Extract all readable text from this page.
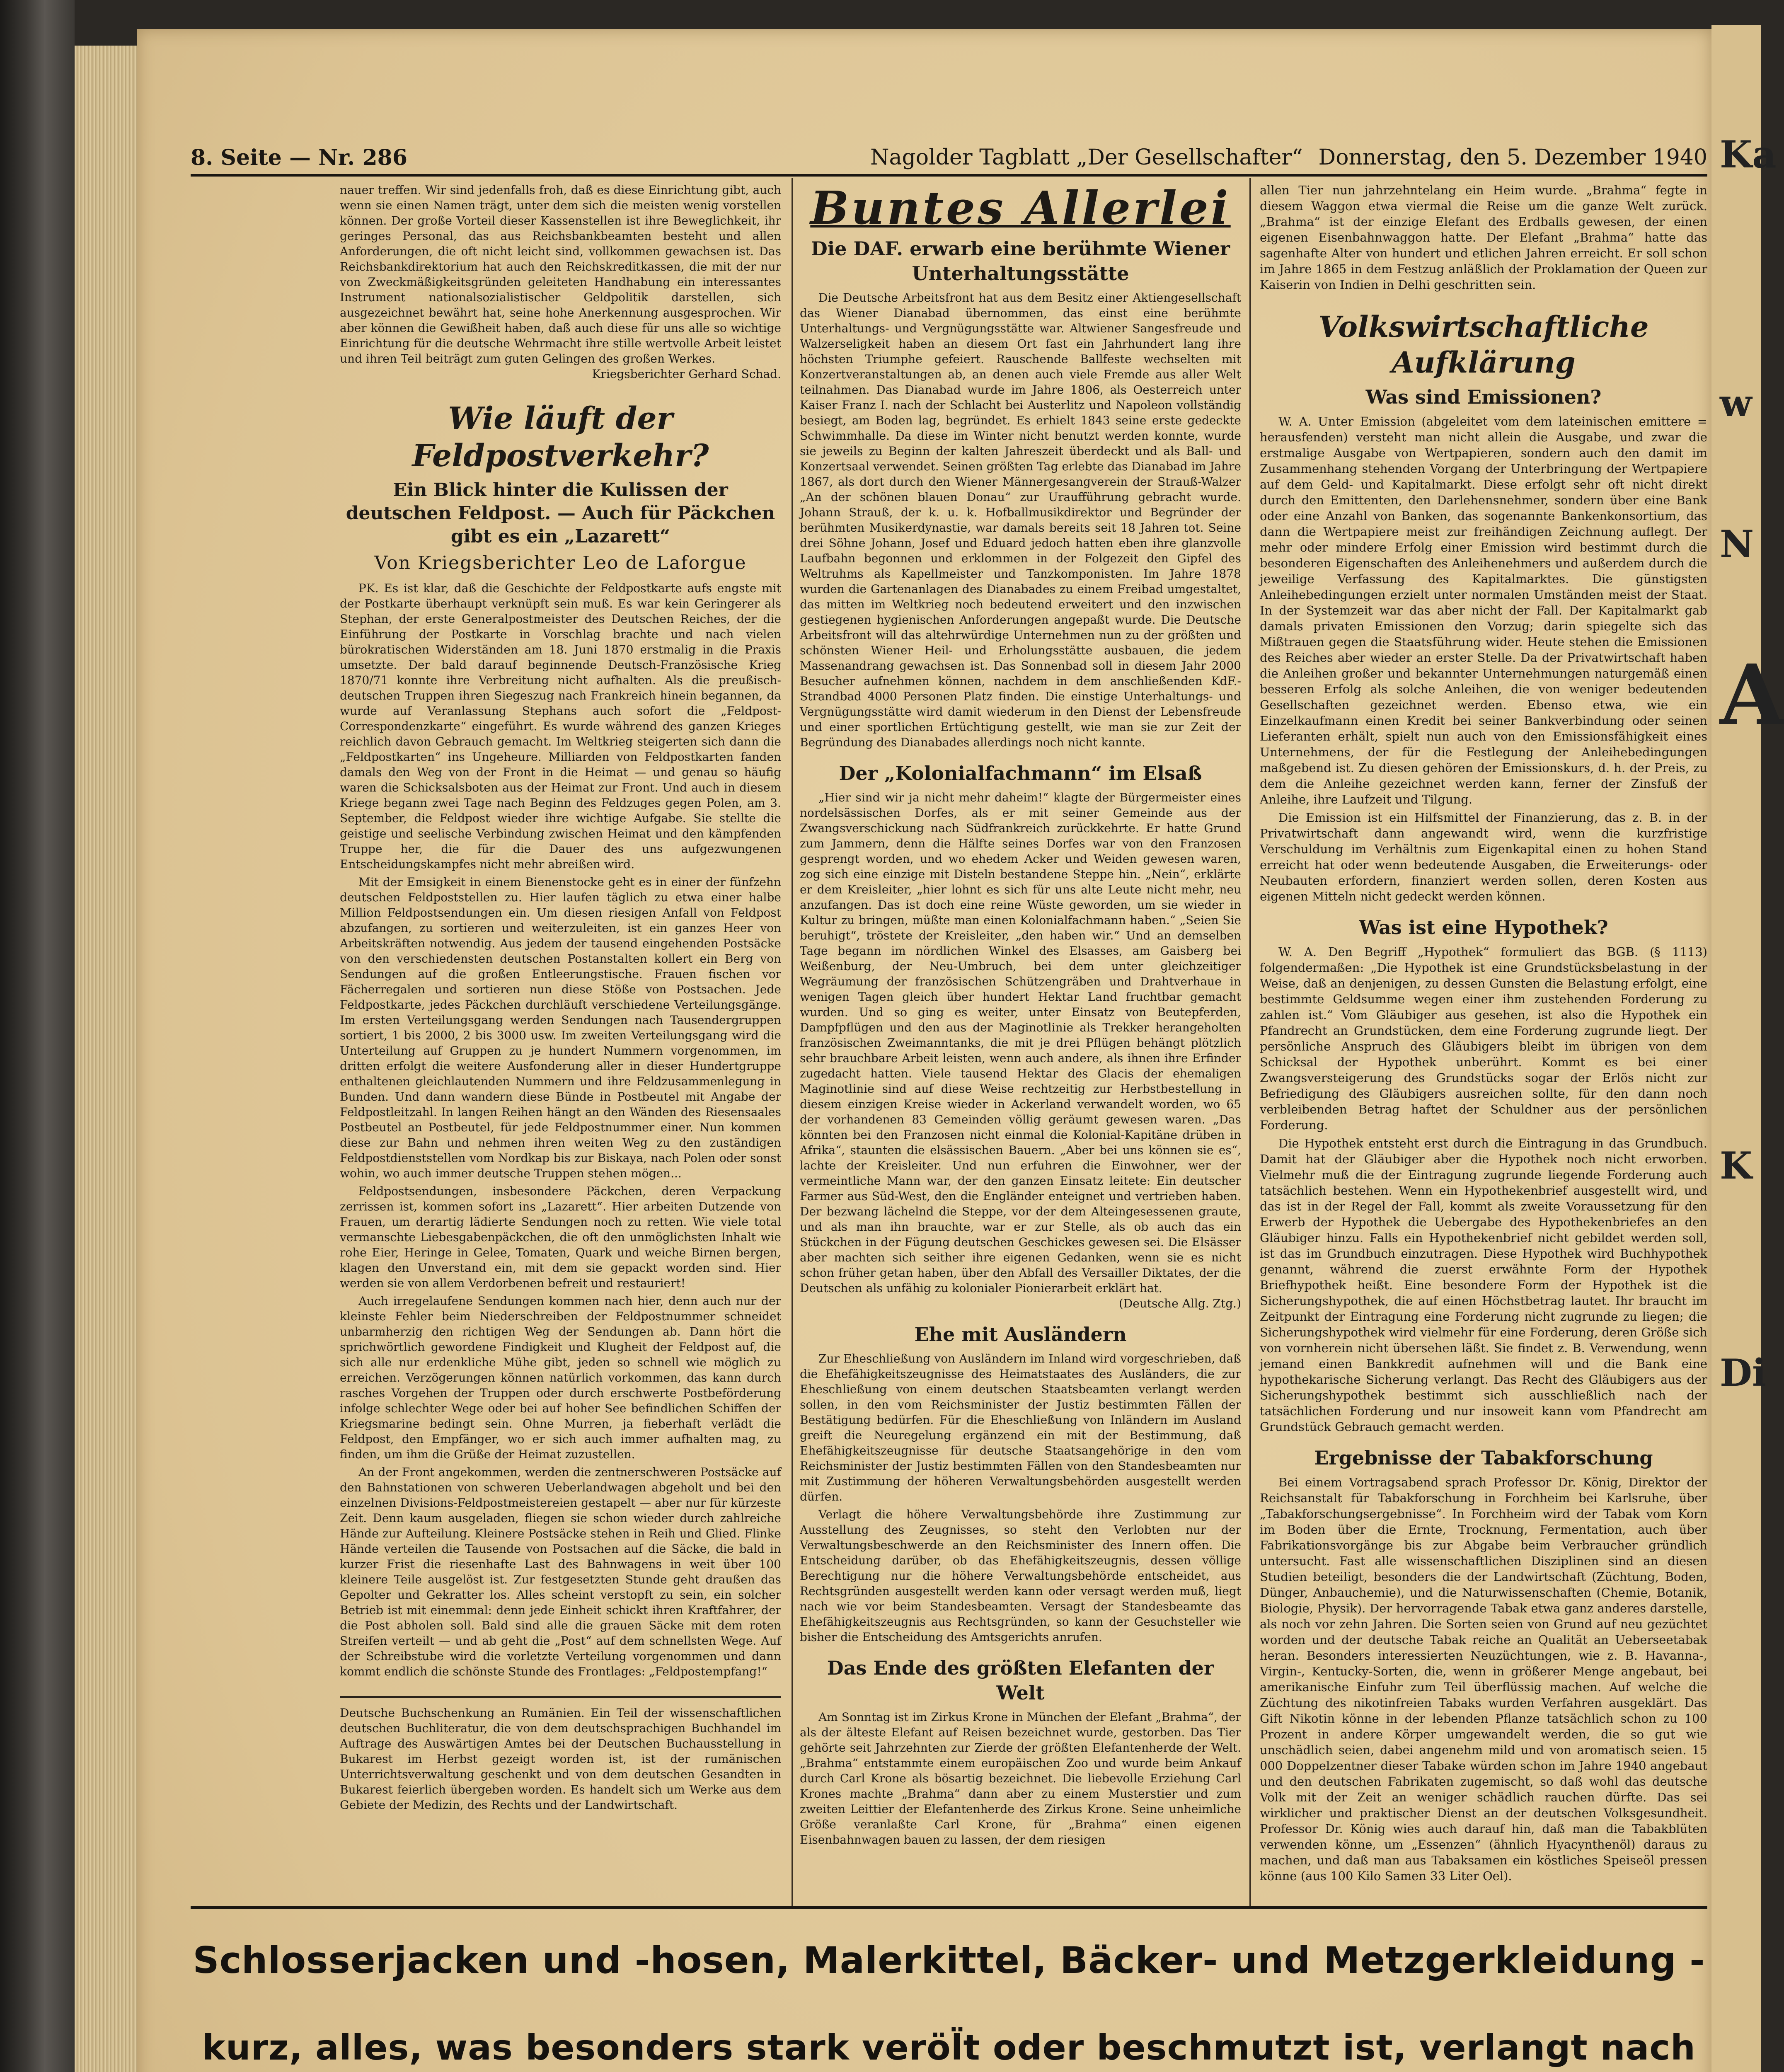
Ka
w
N
A
K
Di
8. Seite — Nr. 286	Nagolder Tagblatt „Der Gesellschafter“ Donnerstag, den 5. Dezember 1940

nauer treffen. Wir sind jedenfalls froh, daß es diese Einrichtung gibt, auch wenn sie einen Namen trägt, unter dem sich die meisten wenig vorstellen können. Der große Vorteil dieser Kassenstellen ist ihre Beweglichkeit, ihr geringes Personal, das aus Reichsbankbeamten besteht und allen Anforderungen, die oft nicht leicht sind, vollkommen gewachsen ist. Das Reichsbankdirektorium hat auch den Reichskreditkassen, die mit der nur von Zweckmäßigkeitsgründen geleiteten Handhabung ein interessantes Instrument nationalsozialistischer Geldpolitik darstellen, sich ausgezeichnet bewährt hat, seine hohe Anerkennung ausgesprochen. Wir aber können die Gewißheit haben, daß auch diese für uns alle so wichtige Einrichtung für die deutsche Wehrmacht ihre stille wertvolle Arbeit leistet und ihren Teil beiträgt zum guten Gelingen des großen Werkes.

Kriegsberichter Gerhard Schad.

Wie läuft der Feldpostverkehr?
Ein Blick hinter die Kulissen der deutschen Feldpost. — Auch für Päckchen gibt es ein „Lazarett“
Von Kriegsberichter Leo de Laforgue

PK. Es ist klar, daß die Geschichte der Feldpostkarte aufs engste mit der Postkarte überhaupt verknüpft sein muß. Es war kein Geringerer als Stephan, der erste Generalpostmeister des Deutschen Reiches, der die Einführung der Postkarte in Vorschlag brachte und nach vielen bürokratischen Widerständen am 18. Juni 1870 erstmalig in die Praxis umsetzte. Der bald darauf beginnende Deutsch-Französische Krieg 1870/71 konnte ihre Verbreitung nicht aufhalten. Als die preußisch-deutschen Truppen ihren Siegeszug nach Frankreich hinein begannen, da wurde auf Veranlassung Stephans auch sofort die „Feldpost-Correspondenzkarte“ eingeführt. Es wurde während des ganzen Krieges reichlich davon Gebrauch gemacht. Im Weltkrieg steigerten sich dann die „Feldpostkarten“ ins Ungeheure. Milliarden von Feldpostkarten fanden damals den Weg von der Front in die Heimat — und genau so häufig waren die Schicksalsboten aus der Heimat zur Front. Und auch in diesem Kriege begann zwei Tage nach Beginn des Feldzuges gegen Polen, am 3. September, die Feldpost wieder ihre wichtige Aufgabe. Sie stellte die geistige und seelische Verbindung zwischen Heimat und den kämpfenden Truppe her, die für die Dauer des uns aufgezwungenen Entscheidungskampfes nicht mehr abreißen wird.

Mit der Emsigkeit in einem Bienenstocke geht es in einer der fünfzehn deutschen Feldpoststellen zu. Hier laufen täglich zu etwa einer halbe Million Feldpostsendungen ein. Um diesen riesigen Anfall von Feldpost abzufangen, zu sortieren und weiterzuleiten, ist ein ganzes Heer von Arbeitskräften notwendig. Aus jedem der tausend eingehenden Postsäcke von den verschiedensten deutschen Postanstalten kollert ein Berg von Sendungen auf die großen Entleerungstische. Frauen fischen vor Fächerregalen und sortieren nun diese Stöße von Postsachen. Jede Feldpostkarte, jedes Päckchen durchläuft verschiedene Verteilungsgänge. Im ersten Verteilungsgang werden Sendungen nach Tausendergruppen sortiert, 1 bis 2000, 2 bis 3000 usw. Im zweiten Verteilungsgang wird die Unterteilung auf Gruppen zu je hundert Nummern vorgenommen, im dritten erfolgt die weitere Ausfonderung aller in dieser Hundertgruppe enthaltenen gleichlautenden Nummern und ihre Feldzusammenlegung in Bunden. Und dann wandern diese Bünde in Postbeutel mit Angabe der Feldpostleitzahl. In langen Reihen hängt an den Wänden des Riesensaales Postbeutel an Postbeutel, für jede Feldpostnummer einer. Nun kommen diese zur Bahn und nehmen ihren weiten Weg zu den zuständigen Feldpostdienststellen vom Nordkap bis zur Biskaya, nach Polen oder sonst wohin, wo auch immer deutsche Truppen stehen mögen...

Feldpostsendungen, insbesondere Päckchen, deren Verpackung zerrissen ist, kommen sofort ins „Lazarett“. Hier arbeiten Dutzende von Frauen, um derartig lädierte Sendungen noch zu retten. Wie viele total vermanschte Liebesgabenpäckchen, die oft den unmöglichsten Inhalt wie rohe Eier, Heringe in Gelee, Tomaten, Quark und weiche Birnen bergen, klagen den Unverstand ein, mit dem sie gepackt worden sind. Hier werden sie von allem Verdorbenen befreit und restauriert!

Auch irregelaufene Sendungen kommen nach hier, denn auch nur der kleinste Fehler beim Niederschreiben der Feldpostnummer schneidet unbarmherzig den richtigen Weg der Sendungen ab. Dann hört die sprichwörtlich gewordene Findigkeit und Klugheit der Feldpost auf, die sich alle nur erdenkliche Mühe gibt, jeden so schnell wie möglich zu erreichen. Verzögerungen können natürlich vorkommen, das kann durch rasches Vorgehen der Truppen oder durch erschwerte Postbeförderung infolge schlechter Wege oder bei auf hoher See befindlichen Schiffen der Kriegsmarine bedingt sein. Ohne Murren, ja fieberhaft verlädt die Feldpost, den Empfänger, wo er sich auch immer aufhalten mag, zu finden, um ihm die Grüße der Heimat zuzustellen.

An der Front angekommen, werden die zentnerschweren Postsäcke auf den Bahnstationen von schweren Ueberlandwagen abgeholt und bei den einzelnen Divisions-Feldpostmeistereien gestapelt — aber nur für kürzeste Zeit. Denn kaum ausgeladen, fliegen sie schon wieder durch zahlreiche Hände zur Aufteilung. Kleinere Postsäcke stehen in Reih und Glied. Flinke Hände verteilen die Tausende von Postsachen auf die Säcke, die bald in kurzer Frist die riesenhafte Last des Bahnwagens in weit über 100 kleinere Teile ausgelöst ist. Zur festgesetzten Stunde geht draußen das Gepolter und Gekratter los. Alles scheint verstopft zu sein, ein solcher Betrieb ist mit einemmal: denn jede Einheit schickt ihren Kraftfahrer, der die Post abholen soll. Bald sind alle die grauen Säcke mit dem roten Streifen verteilt — und ab geht die „Post“ auf dem schnellsten Wege. Auf der Schreibstube wird die vorletzte Verteilung vorgenommen und dann kommt endlich die schönste Stunde des Frontlages: „Feldpostempfang!“

Deutsche Buchschenkung an Rumänien. Ein Teil der wissenschaftlichen deutschen Buchliteratur, die von dem deutschsprachigen Buchhandel im Auftrage des Auswärtigen Amtes bei der Deutschen Buchausstellung in Bukarest im Herbst gezeigt worden ist, ist der rumänischen Unterrichtsverwaltung geschenkt und von dem deutschen Gesandten in Bukarest feierlich übergeben worden. Es handelt sich um Werke aus dem Gebiete der Medizin, des Rechts und der Landwirtschaft.

Buntes Allerlei
Die DAF. erwarb eine berühmte Wiener Unterhaltungsstätte

Die Deutsche Arbeitsfront hat aus dem Besitz einer Aktiengesellschaft das Wiener Dianabad übernommen, das einst eine berühmte Unterhaltungs- und Vergnügungsstätte war. Altwiener Sangesfreude und Walzerseligkeit haben an diesem Ort fast ein Jahrhundert lang ihre höchsten Triumphe gefeiert. Rauschende Ballfeste wechselten mit Konzertveranstaltungen ab, an denen auch viele Fremde aus aller Welt teilnahmen. Das Dianabad wurde im Jahre 1806, als Oesterreich unter Kaiser Franz I. nach der Schlacht bei Austerlitz und Napoleon vollständig besiegt, am Boden lag, begründet. Es erhielt 1843 seine erste gedeckte Schwimmhalle. Da diese im Winter nicht benutzt werden konnte, wurde sie jeweils zu Beginn der kalten Jahreszeit überdeckt und als Ball- und Konzertsaal verwendet. Seinen größten Tag erlebte das Dianabad im Jahre 1867, als dort durch den Wiener Männergesangverein der Strauß-Walzer „An der schönen blauen Donau“ zur Uraufführung gebracht wurde. Johann Strauß, der k. u. k. Hofballmusikdirektor und Begründer der berühmten Musikerdynastie, war damals bereits seit 18 Jahren tot. Seine drei Söhne Johann, Josef und Eduard jedoch hatten eben ihre glanzvolle Laufbahn begonnen und erklommen in der Folgezeit den Gipfel des Weltruhms als Kapellmeister und Tanzkomponisten. Im Jahre 1878 wurden die Gartenanlagen des Dianabades zu einem Freibad umgestaltet, das mitten im Weltkrieg noch bedeutend erweitert und den inzwischen gestiegenen hygienischen Anforderungen angepaßt wurde. Die Deutsche Arbeitsfront will das altehrwürdige Unternehmen nun zu der größten und schönsten Wiener Heil- und Erholungsstätte ausbauen, die jedem Massenandrang gewachsen ist. Das Sonnenbad soll in diesem Jahr 2000 Besucher aufnehmen können, nachdem in dem anschließenden KdF.-Strandbad 4000 Personen Platz finden. Die einstige Unterhaltungs- und Vergnügungsstätte wird damit wiederum in den Dienst der Lebensfreude und einer sportlichen Ertüchtigung gestellt, wie man sie zur Zeit der Begründung des Dianabades allerdings noch nicht kannte.

Der „Kolonialfachmann“ im Elsaß

„Hier sind wir ja nicht mehr daheim!“ klagte der Bürgermeister eines nordelsässischen Dorfes, als er mit seiner Gemeinde aus der Zwangsverschickung nach Südfrankreich zurückkehrte. Er hatte Grund zum Jammern, denn die Hälfte seines Dorfes war von den Franzosen gesprengt worden, und wo ehedem Acker und Weiden gewesen waren, zog sich eine einzige mit Disteln bestandene Steppe hin. „Nein“, erklärte er dem Kreisleiter, „hier lohnt es sich für uns alte Leute nicht mehr, neu anzufangen. Das ist doch eine reine Wüste geworden, um sie wieder in Kultur zu bringen, müßte man einen Kolonialfachmann haben.“ „Seien Sie beruhigt“, tröstete der Kreisleiter, „den haben wir.“ Und an demselben Tage begann im nördlichen Winkel des Elsasses, am Gaisberg bei Weißenburg, der Neu-Umbruch, bei dem unter gleichzeitiger Wegräumung der französischen Schützengräben und Drahtverhaue in wenigen Tagen gleich über hundert Hektar Land fruchtbar gemacht wurden. Und so ging es weiter, unter Einsatz von Beutepferden, Dampfpflügen und den aus der Maginotlinie als Trekker herangeholten französischen Zweimanntanks, die mit je drei Pflügen behängt plötzlich sehr brauchbare Arbeit leisten, wenn auch andere, als ihnen ihre Erfinder zugedacht hatten. Viele tausend Hektar des Glacis der ehemaligen Maginotlinie sind auf diese Weise rechtzeitig zur Herbstbestellung in diesem einzigen Kreise wieder in Ackerland verwandelt worden, wo 65 der vorhandenen 83 Gemeinden völlig geräumt gewesen waren. „Das könnten bei den Franzosen nicht einmal die Kolonial-Kapitäne drüben in Afrika“, staunten die elsässischen Bauern. „Aber bei uns können sie es“, lachte der Kreisleiter. Und nun erfuhren die Einwohner, wer der vermeintliche Mann war, der den ganzen Einsatz leitete: Ein deutscher Farmer aus Süd-West, den die Engländer enteignet und vertrieben haben. Der bezwang lächelnd die Steppe, vor der dem Alteingesessenen graute, und als man ihn brauchte, war er zur Stelle, als ob auch das ein Stückchen in der Fügung deutschen Geschickes gewesen sei. Die Elsässer aber machten sich seither ihre eigenen Gedanken, wenn sie es nicht schon früher getan haben, über den Abfall des Versailler Diktates, der die Deutschen als unfähig zu kolonialer Pionierarbeit erklärt hat.

(Deutsche Allg. Ztg.)

Ehe mit Ausländern

Zur Eheschließung von Ausländern im Inland wird vorgeschrieben, daß die Ehefähigkeitszeugnisse des Heimatstaates des Ausländers, die zur Eheschließung von einem deutschen Staatsbeamten verlangt werden sollen, in den vom Reichsminister der Justiz bestimmten Fällen der Bestätigung bedürfen. Für die Eheschließung von Inländern im Ausland greift die Neuregelung ergänzend ein mit der Bestimmung, daß Ehefähigkeitszeugnisse für deutsche Staatsangehörige in den vom Reichsminister der Justiz bestimmten Fällen von den Standesbeamten nur mit Zustimmung der höheren Verwaltungsbehörden ausgestellt werden dürfen.

Verlagt die höhere Verwaltungsbehörde ihre Zustimmung zur Ausstellung des Zeugnisses, so steht den Verlobten nur der Verwaltungsbeschwerde an den Reichsminister des Innern offen. Die Entscheidung darüber, ob das Ehefähigkeitszeugnis, dessen völlige Berechtigung nur die höhere Verwaltungsbehörde entscheidet, aus Rechtsgründen ausgestellt werden kann oder versagt werden muß, liegt nach wie vor beim Standesbeamten. Versagt der Standesbeamte das Ehefähigkeitszeugnis aus Rechtsgründen, so kann der Gesuchsteller wie bisher die Entscheidung des Amtsgerichts anrufen.

Das Ende des größten Elefanten der Welt

Am Sonntag ist im Zirkus Krone in München der Elefant „Brahma“, der als der älteste Elefant auf Reisen bezeichnet wurde, gestorben. Das Tier gehörte seit Jahrzehnten zur Zierde der größten Elefantenherde der Welt. „Brahma“ entstammte einem europäischen Zoo und wurde beim Ankauf durch Carl Krone als bösartig bezeichnet. Die liebevolle Erziehung Carl Krones machte „Brahma“ dann aber zu einem Musterstier und zum zweiten Leittier der Elefantenherde des Zirkus Krone. Seine unheimliche Größe veranlaßte Carl Krone, für „Brahma“ einen eigenen Eisenbahnwagen bauen zu lassen, der dem riesigen

allen Tier nun jahrzehntelang ein Heim wurde. „Brahma“ fegte in diesem Waggon etwa viermal die Reise um die ganze Welt zurück. „Brahma“ ist der einzige Elefant des Erdballs gewesen, der einen eigenen Eisenbahnwaggon hatte. Der Elefant „Brahma“ hatte das sagenhafte Alter von hundert und etlichen Jahren erreicht. Er soll schon im Jahre 1865 in dem Festzug anläßlich der Proklamation der Queen zur Kaiserin von Indien in Delhi geschritten sein.

Volkswirtschaftliche Aufklärung
Was sind Emissionen?

W. A. Unter Emission (abgeleitet vom dem lateinischen emittere = herausfenden) versteht man nicht allein die Ausgabe, und zwar die erstmalige Ausgabe von Wertpapieren, sondern auch den damit im Zusammenhang stehenden Vorgang der Unterbringung der Wertpapiere auf dem Geld- und Kapitalmarkt. Diese erfolgt sehr oft nicht direkt durch den Emittenten, den Darlehensnehmer, sondern über eine Bank oder eine Anzahl von Banken, das sogenannte Bankenkonsortium, das dann die Wertpapiere meist zur freihändigen Zeichnung auflegt. Der mehr oder mindere Erfolg einer Emission wird bestimmt durch die besonderen Eigenschaften des Anleihenehmers und außerdem durch die jeweilige Verfassung des Kapitalmarktes. Die günstigsten Anleihebedingungen erzielt unter normalen Umständen meist der Staat. In der Systemzeit war das aber nicht der Fall. Der Kapitalmarkt gab damals privaten Emissionen den Vorzug; darin spiegelte sich das Mißtrauen gegen die Staatsführung wider. Heute stehen die Emissionen des Reiches aber wieder an erster Stelle. Da der Privatwirtschaft haben die Anleihen großer und bekannter Unternehmungen naturgemäß einen besseren Erfolg als solche Anleihen, die von weniger bedeutenden Gesellschaften gezeichnet werden. Ebenso etwa, wie ein Einzelkaufmann einen Kredit bei seiner Bankverbindung oder seinen Lieferanten erhält, spielt nun auch von den Emissionsfähigkeit eines Unternehmens, der für die Festlegung der Anleihebedingungen maßgebend ist. Zu diesen gehören der Emissionskurs, d. h. der Preis, zu dem die Anleihe gezeichnet werden kann, ferner der Zinsfuß der Anleihe, ihre Laufzeit und Tilgung.

Die Emission ist ein Hilfsmittel der Finanzierung, das z. B. in der Privatwirtschaft dann angewandt wird, wenn die kurzfristige Verschuldung im Verhältnis zum Eigenkapital einen zu hohen Stand erreicht hat oder wenn bedeutende Ausgaben, die Erweiterungs- oder Neubauten erfordern, finanziert werden sollen, deren Kosten aus eigenen Mitteln nicht gedeckt werden können.

Was ist eine Hypothek?

W. A. Den Begriff „Hypothek“ formuliert das BGB. (§ 1113) folgendermaßen: „Die Hypothek ist eine Grundstücksbelastung in der Weise, daß an denjenigen, zu dessen Gunsten die Belastung erfolgt, eine bestimmte Geldsumme wegen einer ihm zustehenden Forderung zu zahlen ist.“ Vom Gläubiger aus gesehen, ist also die Hypothek ein Pfandrecht an Grundstücken, dem eine Forderung zugrunde liegt. Der persönliche Anspruch des Gläubigers bleibt im übrigen von dem Schicksal der Hypothek unberührt. Kommt es bei einer Zwangsversteigerung des Grundstücks sogar der Erlös nicht zur Befriedigung des Gläubigers ausreichen sollte, für den dann noch verbleibenden Betrag haftet der Schuldner aus der persönlichen Forderung.

Die Hypothek entsteht erst durch die Eintragung in das Grundbuch. Damit hat der Gläubiger aber die Hypothek noch nicht erworben. Vielmehr muß die der Eintragung zugrunde liegende Forderung auch tatsächlich bestehen. Wenn ein Hypothekenbrief ausgestellt wird, und das ist in der Regel der Fall, kommt als zweite Voraussetzung für den Erwerb der Hypothek die Uebergabe des Hypothekenbriefes an den Gläubiger hinzu. Falls ein Hypothekenbrief nicht gebildet werden soll, ist das im Grundbuch einzutragen. Diese Hypothek wird Buchhypothek genannt, während die zuerst erwähnte Form der Hypothek Briefhypothek heißt. Eine besondere Form der Hypothek ist die Sicherungshypothek, die auf einen Höchstbetrag lautet. Ihr braucht im Zeitpunkt der Eintragung eine Forderung nicht zugrunde zu liegen; die Sicherungshypothek wird vielmehr für eine Forderung, deren Größe sich von vornherein nicht übersehen läßt. Sie findet z. B. Verwendung, wenn jemand einen Bankkredit aufnehmen will und die Bank eine hypothekarische Sicherung verlangt. Das Recht des Gläubigers aus der Sicherungshypothek bestimmt sich ausschließlich nach der tatsächlichen Forderung und nur insoweit kann vom Pfandrecht am Grundstück Gebrauch gemacht werden.

Ergebnisse der Tabakforschung

Bei einem Vortragsabend sprach Professor Dr. König, Direktor der Reichsanstalt für Tabakforschung in Forchheim bei Karlsruhe, über „Tabakforschungsergebnisse“. In Forchheim wird der Tabak vom Korn im Boden über die Ernte, Trocknung, Fermentation, auch über Fabrikationsvorgänge bis zur Abgabe beim Verbraucher gründlich untersucht. Fast alle wissenschaftlichen Disziplinen sind an diesen Studien beteiligt, besonders die der Landwirtschaft (Züchtung, Boden, Dünger, Anbauchemie), und die Naturwissenschaften (Chemie, Botanik, Biologie, Physik). Der hervorragende Tabak etwa ganz anderes darstelle, als noch vor zehn Jahren. Die Sorten seien von Grund auf neu gezüchtet worden und der deutsche Tabak reiche an Qualität an Ueberseetabak heran. Besonders interessierten Neuzüchtungen, wie z. B. Havanna-, Virgin-, Kentucky-Sorten, die, wenn in größerer Menge angebaut, bei amerikanische Einfuhr zum Teil überflüssig machen. Auf welche die Züchtung des nikotinfreien Tabaks wurden Verfahren ausgeklärt. Das Gift Nikotin könne in der lebenden Pflanze tatsächlich schon zu 100 Prozent in andere Körper umgewandelt werden, die so gut wie unschädlich seien, dabei angenehm mild und von aromatisch seien. 15 000 Doppelzentner dieser Tabake würden schon im Jahre 1940 angebaut und den deutschen Fabrikaten zugemischt, so daß wohl das deutsche Volk mit der Zeit an weniger schädlich rauchen dürfte. Das sei wirklicher und praktischer Dienst an der deutschen Volksgesundheit. Professor Dr. König wies auch darauf hin, daß man die Tabakblüten verwenden könne, um „Essenzen“ (ähnlich Hyacynthenöl) daraus zu machen, und daß man aus Tabaksamen ein köstliches Speiseöl pressen könne (aus 100 Kilo Samen 33 Liter Oel).

Schlosserjacken und -hosen, Malerkittel, Bäcker- und Metzgerkleidung -
kurz, alles, was besonders stark veröl̈t oder beschmutzt ist, verlangt nach
